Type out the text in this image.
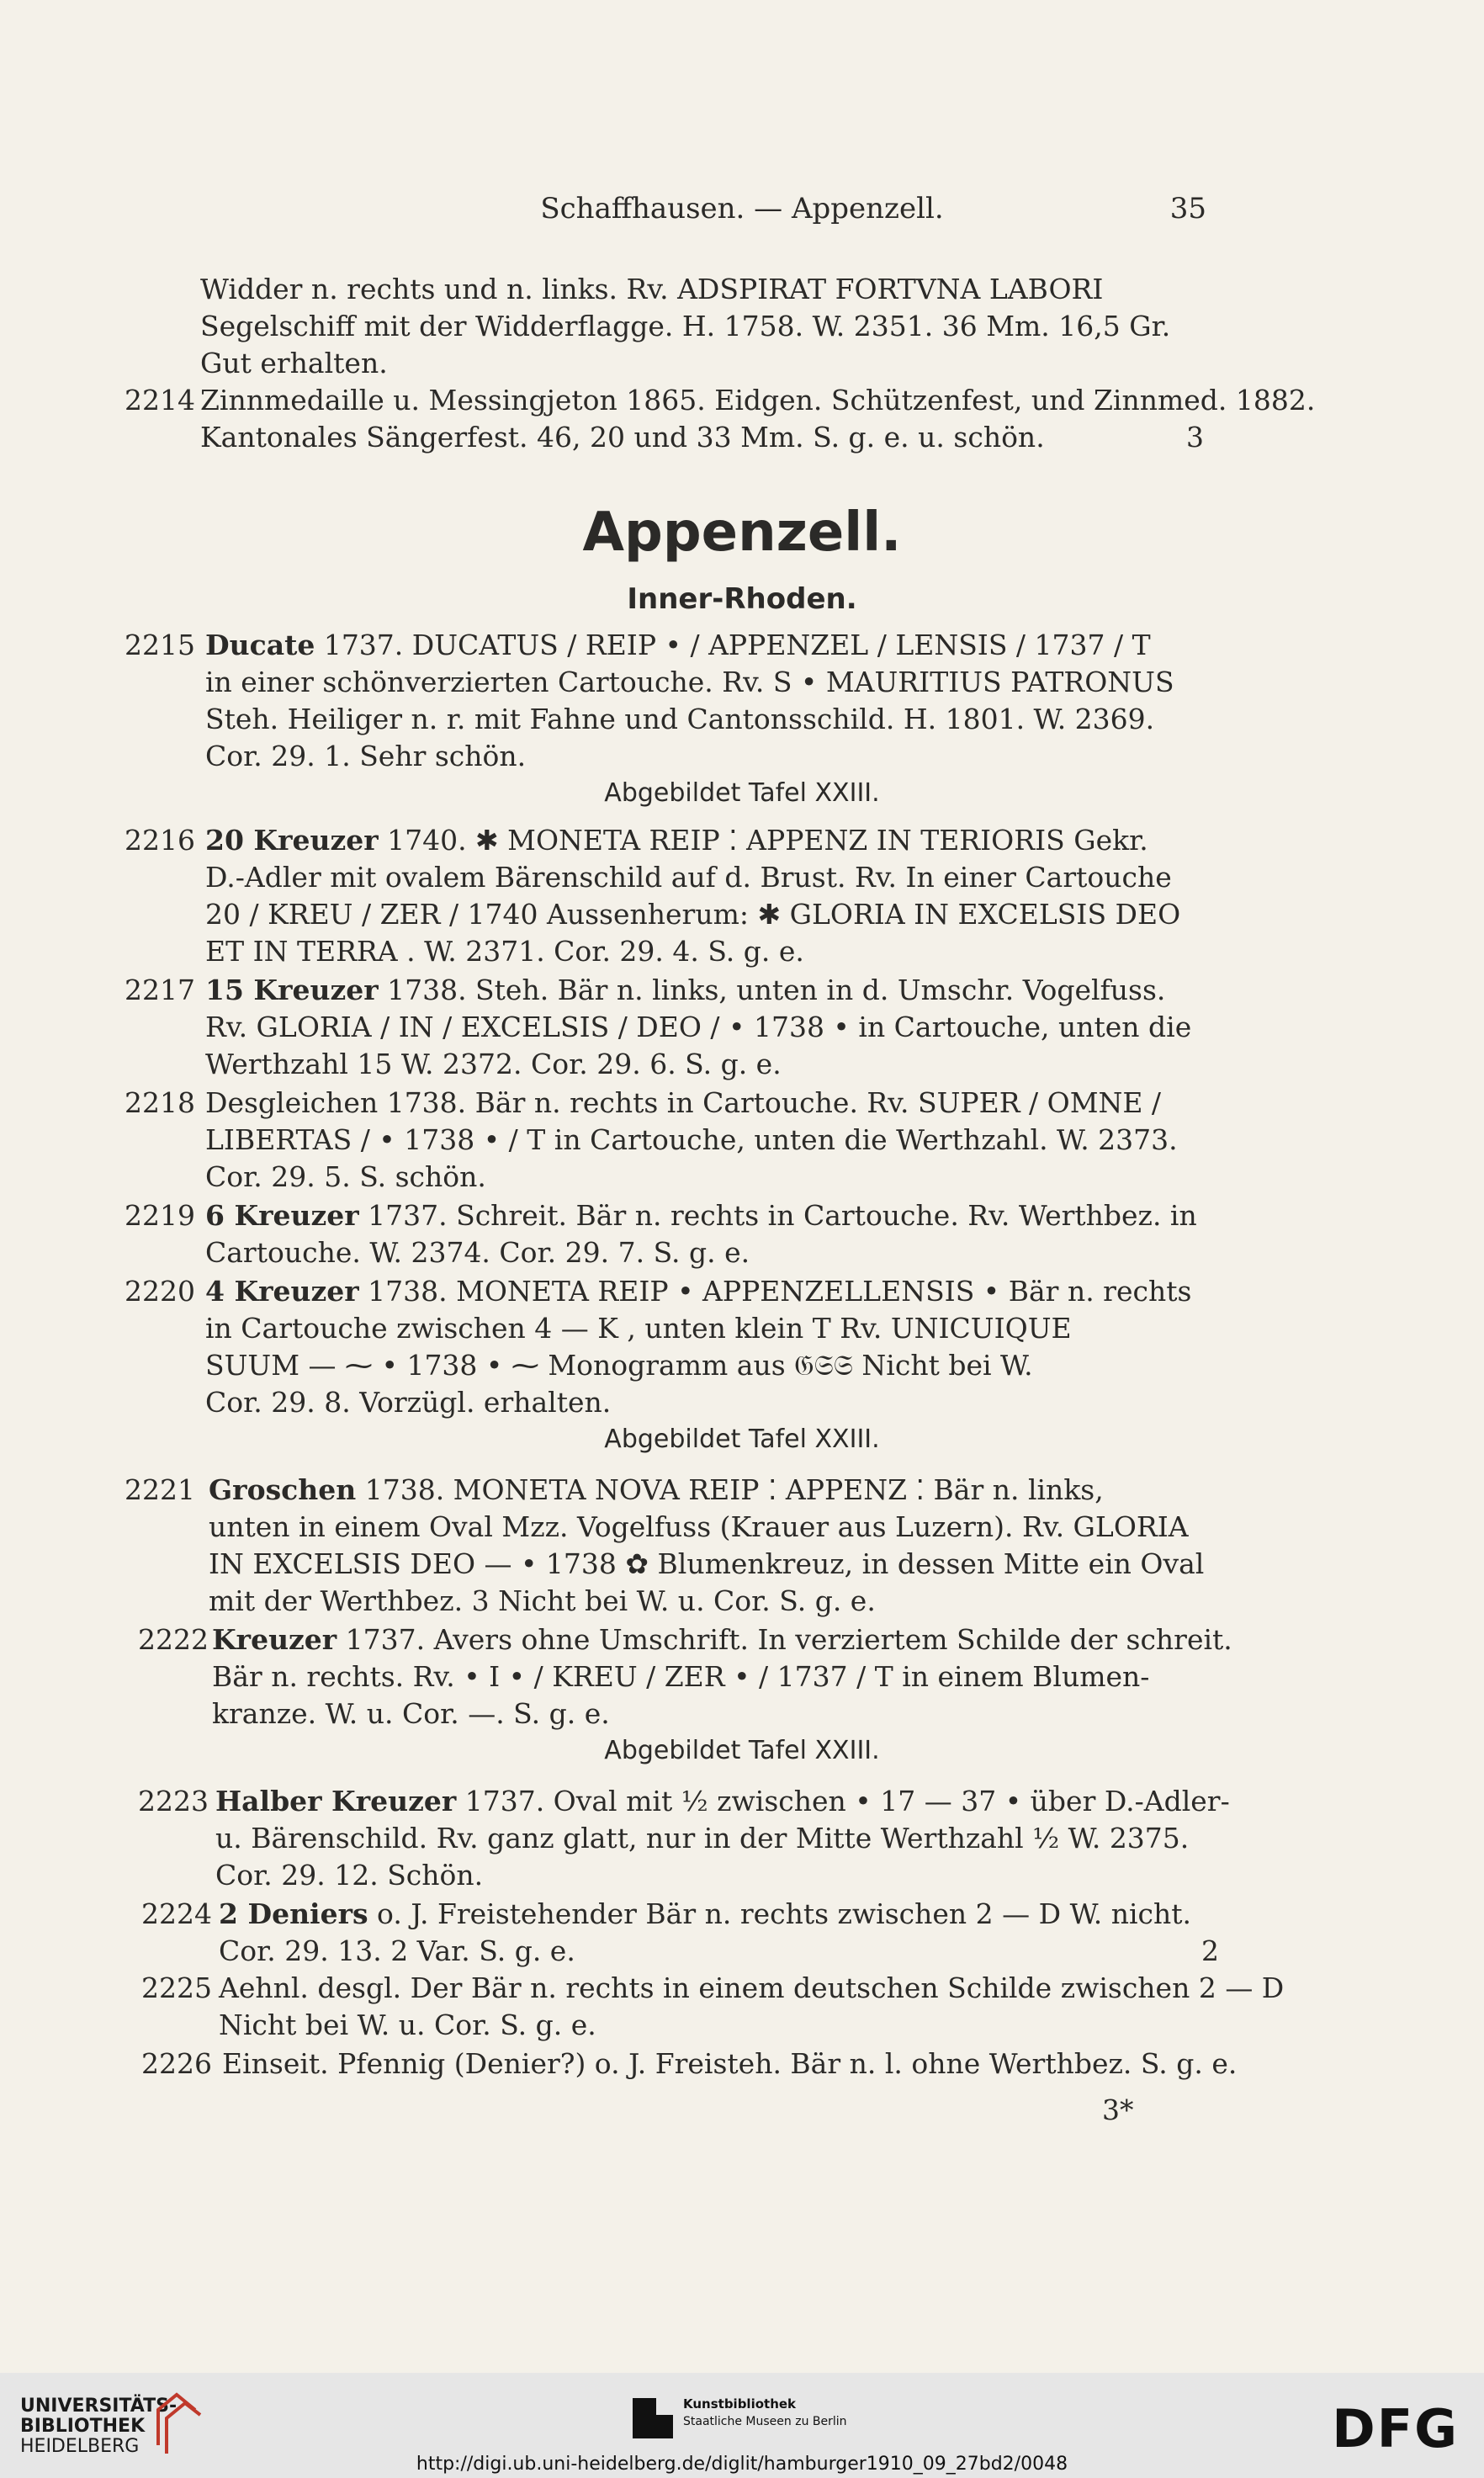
Schaffhausen. — Appenzell.	35
Widder n. rechts und n. links. Rv. ADSPIRAT FORTVNA LABORI
Segelschiff mit der Widderflagge. H. 1758. W. 2351. 36 Mm. 16,5 Gr.
Gut erhalten.
2214 Zinnmedaille u. Messingjeton 1865. Eidgen. Schützenfest, und Zinnmed. 1882.
Kantonales Sängerfest. 46, 20 und 33 Mm. S. g. e. u. schön.	3
Appenzell.
Inner-Rhoden.
2215 Ducate 1737. DUCATUS / REIP • / APPENZEL / LENSIS / 1737 / T
in einer schönverzierten Cartouche. Rv. S • MAURITIUS PATRONUS
Steh. Heiliger n. r. mit Fahne und Cantonsschild. H. 1801. W. 2369.
Cor. 29. 1. Sehr schön.
Abgebildet Tafel XXIII.
2216 20 Kreuzer 1740. ✱ MONETA REIP ⁚ APPENZ IN TERIORIS Gekr.
D.-Adler mit ovalem Bärenschild auf d. Brust. Rv. In einer Cartouche
20 / KREU / ZER / 1740 Aussenherum: ✱ GLORIA IN EXCELSIS DEO
ET IN TERRA . W. 2371. Cor. 29. 4. S. g. e.
2217 15 Kreuzer 1738. Steh. Bär n. links, unten in d. Umschr. Vogelfuss.
Rv. GLORIA / IN / EXCELSIS / DEO / • 1738 • in Cartouche, unten die
Werthzahl 15 W. 2372. Cor. 29. 6. S. g. e.
2218 Desgleichen 1738. Bär n. rechts in Cartouche. Rv. SUPER / OMNE /
LIBERTAS / • 1738 • / T in Cartouche, unten die Werthzahl. W. 2373.
Cor. 29. 5. S. schön.
2219 6 Kreuzer 1737. Schreit. Bär n. rechts in Cartouche. Rv. Werthbez. in
Cartouche. W. 2374. Cor. 29. 7. S. g. e.
2220 4 Kreuzer 1738. MONETA REIP • APPENZELLENSIS • Bär n. rechts
in Cartouche zwischen 4 — K , unten klein T Rv. UNICUIQUE
SUUM — ⁓ • 1738 • ⁓ Monogramm aus 𝔊𝔖𝔖 Nicht bei W.
Cor. 29. 8. Vorzügl. erhalten.
Abgebildet Tafel XXIII.
2221 Groschen 1738. MONETA NOVA REIP ⁚ APPENZ ⁚ Bär n. links,
unten in einem Oval Mzz. Vogelfuss (Krauer aus Luzern). Rv. GLORIA
IN EXCELSIS DEO — • 1738 ✿ Blumenkreuz, in dessen Mitte ein Oval
mit der Werthbez. 3 Nicht bei W. u. Cor. S. g. e.
2222 Kreuzer 1737. Avers ohne Umschrift. In verziertem Schilde der schreit.
Bär n. rechts. Rv. • I • / KREU / ZER • / 1737 / T in einem Blumen-
kranze. W. u. Cor. —. S. g. e.
Abgebildet Tafel XXIII.
2223 Halber Kreuzer 1737. Oval mit ½ zwischen • 17 — 37 • über D.-Adler-
u. Bärenschild. Rv. ganz glatt, nur in der Mitte Werthzahl ½ W. 2375.
Cor. 29. 12. Schön.
2224 2 Deniers o. J. Freistehender Bär n. rechts zwischen 2 — D W. nicht.
Cor. 29. 13. 2 Var. S. g. e.	2
2225 Aehnl. desgl. Der Bär n. rechts in einem deutschen Schilde zwischen 2 — D
Nicht bei W. u. Cor. S. g. e.
2226 Einseit. Pfennig (Denier?) o. J. Freisteh. Bär n. l. ohne Werthbez. S. g. e.
3*
UNIVERSITÄTS-
BIBLIOTHEK
HEIDELBERG
Kunstbibliothek
Staatliche Museen zu Berlin	DFG
http://digi.ub.uni-heidelberg.de/diglit/hamburger1910_09_27bd2/0048
